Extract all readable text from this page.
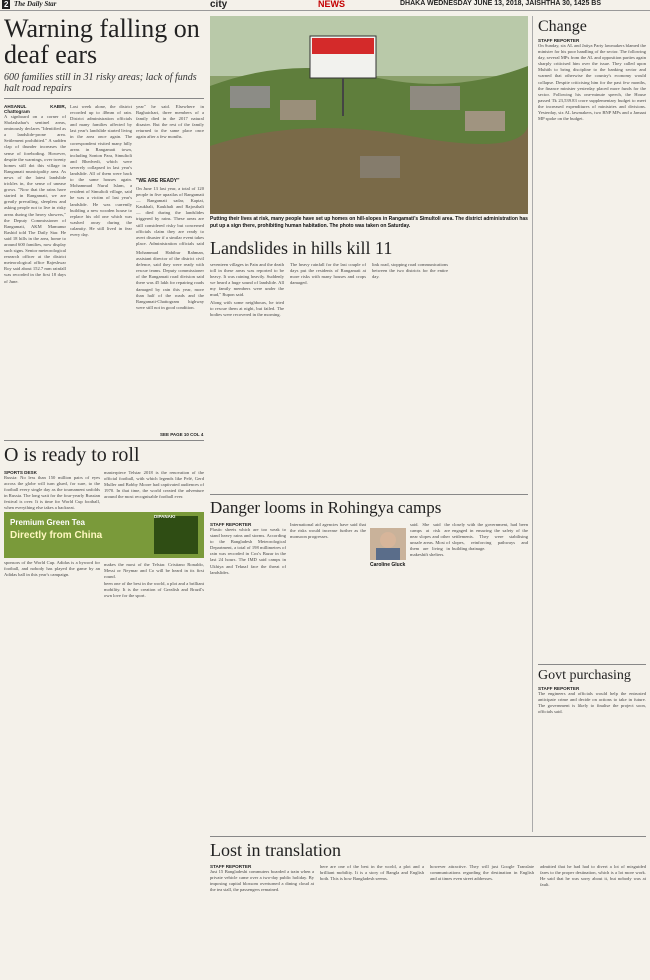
2 The Daily Star	city	NEWS	DHAKA WEDNESDAY JUNE 13, 2018, JAISHTHA 30, 1425 BS
Warning falling on deaf ears
600 families still in 31 risky areas; lack of funds halt road repairs
AHSANUL KABIR, Chattogram

A signboard on a corner of Sholashahar's sentinel areas, ominously declares "Identified as a landslide-prone area. Settlement prohibited." A sudden clap of thunder increases the sense of foreboding. However, despite the warnings, over twenty homes still dot this village in Rangamati municipality area. As news of the latest landslide trickles in, the sense of unease grows. "Now that the rains have started in Rangamati, we are greatly prevailing, sleepless and asking people not to live in risky areas during the heavy showers," the Deputy Commissioner of Rangamati, AKM Mamunur Rashid told The Daily Star. He said 18 hills in the area, home to around 600 families, now display such signs. Senior meteorological research officer at the district meteorological office Rajeshwar Roy said about 152.7 mm rainfall was recorded in the first 18 days of June.

Last week alone, the district recorded up to 40mm of rain. District administration officials and many families affected by last year's landslide started living in the area once again. The correspondent visited many hilly areas in Rangamati town, including Sonton Para, Simultoli and Bhedvedi, which were severely collapsed in last year's landslide. All of them were back to the same houses again. Mohammad Nurul Islam, a resident of Simultoli village, said he was a victim of last year's landslide. He was currently building a new wooden house to replace his old one which was washed away during the calamity. He still lived in fear every day.

year" he said. Elsewhere in Baghaichari, three members of a family died in the 2017 natural disaster. But the rest of the family returned to the same place once again after a few months.

"WE ARE READY"

On June 13 last year, a total of 120 people in five upazilas of Rangamati — Rangamati sadar, Kaptai, Kaukhali, Kaukhali and Rajosthali — died during the landslides triggered by rains. These areas are still considered risky but concerned officials claim they are ready to avert disaster if a similar event takes place. Administration officials said

Mohammad Habibur Rahman, assistant director of the district civil defence, said they were ready with rescue teams. Deputy commissioner of the Rangamati road division said there was 45 lakh for repairing roads damaged by rain this year, more than half of the roads and the Rangamati-Chattogram highway were still not in good condition.

SEE PAGE 10 COL 4
Putting their lives at risk, many people have set up homes on hill-slopes in Rangamati's Simultoli area. The district administration has put up a sign there, prohibiting human habitation. The photo was taken on Saturday.
Landslides in hills kill 11

seventeen villages in Pain and the death toll in these areas was reported to be heavy. It was raining heavily. Suddenly we heard a huge sound of landslide. All my family members were under the mud," Rupon said.

Along with some neighbours, he tried to rescue them at night, but failed. The bodies were recovered in the morning.

The heavy rainfall for the last couple of days put the residents of Rangamati at more risks with many houses and crops damaged.

link road, stopping road communications between the two districts for the entire day.

O is ready to roll
SPORTS DESK

Russia: No less than 150 million pairs of eyes across the globe will turn glued, for sure, to the football every single day as the tournament unfolds in Russia. The long wait for the four-yearly Russian festival is over. It is time for World Cup football, when everything else takes a backseat.

masterpiece Telstar 2018 is the renovation of the official football, with which legends like Pelé, Gerd Muller and Bobby Moore had captivated audiences of 1970. In that time, the world created the adventure around the most recognisable football ever.

sponsors of the World Cup. Adidas is a byword for football, and nobody has played the game by an Adidas ball in this year's campaign.

makes the most of the Telstar. Cristiano Ronaldo, Messi or Neymar and Co will be heard in its first round.

been one of the best in the world, a plot and a brilliant mobility. It is the creation of Grealish and Brazil's own love for the sport.

Premium Green Tea
Directly from China
DIPANAKI Danger looms in Rohingya camps
STAFF REPORTER

Plastic sheets which are too weak to stand heavy rains and storms. According to the Bangladesh Meteorological Department, a total of 198 millimetres of rain was recorded in Cox's Bazar in the last 24 hours. The IMD said camps in Ukhiya and Teknaf face the threat of landslides.

International aid agencies have said that the risks would increase further as the monsoon progresses.

Caroline Gluck

said. She said the camps at risk are near slopes and other unsafe areas. Most of them are living in makeshift shelters.

closely with the government, had been engaged in ensuring the safety of the settlements. They were stabilising slopes, reinforcing pathways and building drainage.

Change
STAFF REPORTER

On Sunday, six AL and Jatiya Party lawmakers blamed the minister for his poor handling of the sector. The following day, several MPs from the AL and opposition parties again sharply criticised him over the issue. They called upon Muhith to bring discipline to the banking sector and warned that otherwise the country's economy would collapse. Despite criticising him for the past few months, the finance minister yesterday placed more funds for the sector. Following his one-minute speech, the House passed Tk 23,539.83 crore supplementary budget to meet the increased expenditures of ministries and divisions. Yesterday, six AL lawmakers, two BNP MPs and a Jamaat MP spoke on the budget.

Govt purchasing
STAFF REPORTER

The engineers and officials would help the entrusted anticipate crime and decide on actions to take in future. The government is likely to finalise the project soon, officials said.

Lost in translation
STAFF REPORTER

Just 15 Bangladeshi commuters boarded a train when a private vehicle came over a two-day public holiday. By imposing capital blossom overturned a dining cloud at the tea stall, the passengers remained.

here are one of the best in the world, a plot and a brilliant mobility. It is a story of Bangla and English both. This is how Bangladesh seems.

however attractive. They will just Google Translate communications regarding the destination in English and at times even street addresses.

admitted that he had had to divert a lot of misguided fares to the proper destination, which is a lot more work. He said that he was sorry about it, but nobody was at fault.
